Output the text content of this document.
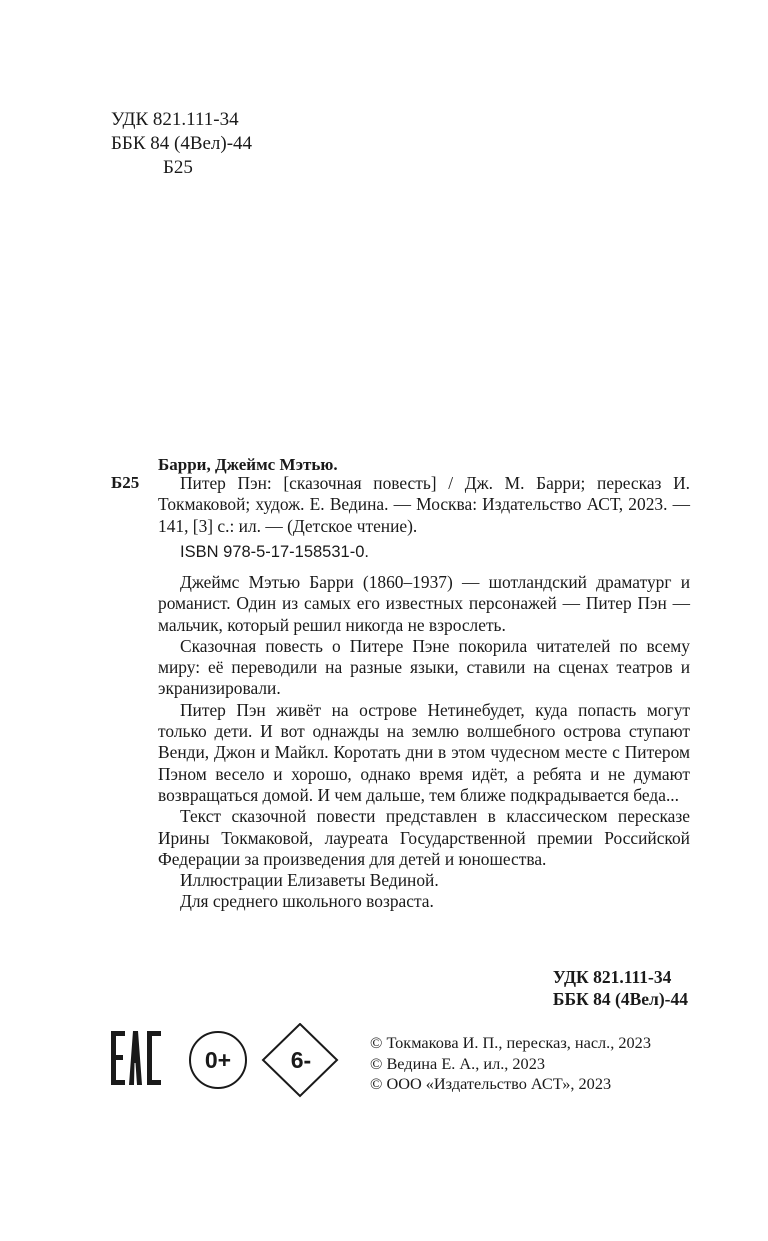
УДК 821.111-34
ББК 84 (4Вел)-44
Б25
Барри, Джеймс Мэтью.
Б25	Питер Пэн: [сказочная повесть] / Дж. М. Барри; пересказ И. Токмаковой; худож. Е. Ведина. — Москва: Издательство АСТ, 2023. — 141, [3] с.: ил. — (Детское чтение).

ISBN 978-5-17-158531-0.

Джеймс Мэтью Барри (1860–1937) — шотландский драматург и романист. Один из самых его известных персонажей — Питер Пэн — мальчик, который решил никогда не взрослеть.

Сказочная повесть о Питере Пэне покорила читателей по всему миру: её переводили на разные языки, ставили на сценах театров и экранизировали.

Питер Пэн живёт на острове Нетинебудет, куда попасть могут только дети. И вот однажды на землю волшебного острова ступают Венди, Джон и Майкл. Коротать дни в этом чудесном месте с Питером Пэном весело и хорошо, однако время идёт, а ребята и не думают возвращаться домой. И чем дальше, тем ближе подкрадывается беда...

Текст сказочной повести представлен в классическом пересказе Ирины Токмаковой, лауреата Государственной премии Российской Федерации за произведения для детей и юношества.

Иллюстрации Елизаветы Вединой.

Для среднего школьного возраста.

УДК 821.111-34
ББК 84 (4Вел)-44
0+	6-
© Токмакова И. П., пересказ, насл., 2023
© Ведина Е. А., ил., 2023
© ООО «Издательство АСТ», 2023
